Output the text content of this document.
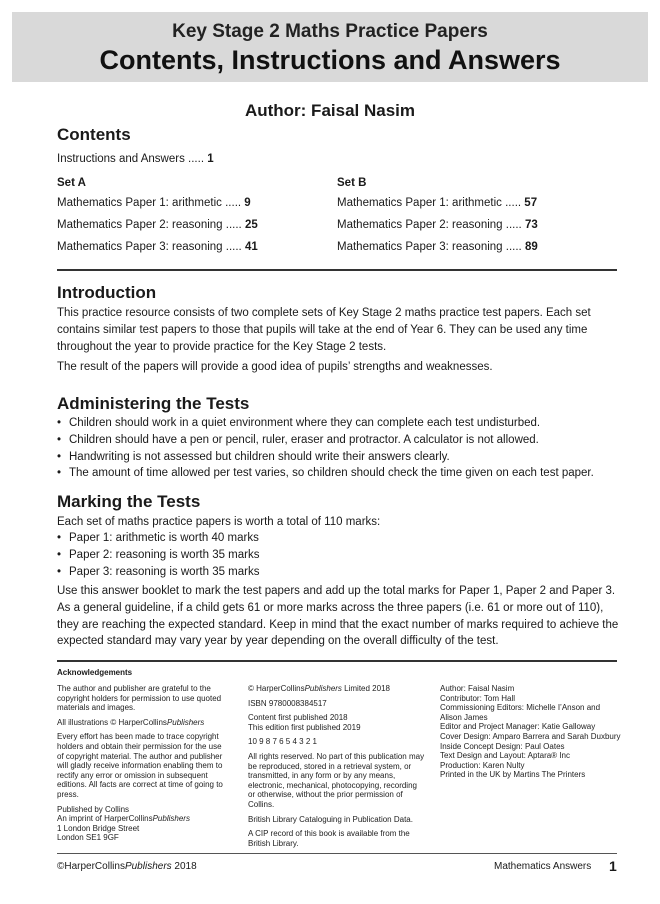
Key Stage 2 Maths Practice Papers
Contents, Instructions and Answers
Author: Faisal Nasim
Contents
Instructions and Answers ..... 1
Set A	Set B
Mathematics Paper 1: arithmetic ..... 9
Mathematics Paper 2: reasoning ..... 25
Mathematics Paper 3: reasoning ..... 41
Mathematics Paper 1: arithmetic ..... 57
Mathematics Paper 2: reasoning ..... 73
Mathematics Paper 3: reasoning ..... 89
Introduction
This practice resource consists of two complete sets of Key Stage 2 maths practice test papers. Each set contains similar test papers to those that pupils will take at the end of Year 6. They can be used any time throughout the year to provide practice for the Key Stage 2 tests.
The result of the papers will provide a good idea of pupils’ strengths and weaknesses.
Administering the Tests
• Children should work in a quiet environment where they can complete each test undisturbed.
• Children should have a pen or pencil, ruler, eraser and protractor. A calculator is not allowed.
• Handwriting is not assessed but children should write their answers clearly.
• The amount of time allowed per test varies, so children should check the time given on each test paper.
Marking the Tests
Each set of maths practice papers is worth a total of 110 marks:
• Paper 1: arithmetic is worth 40 marks
• Paper 2: reasoning is worth 35 marks
• Paper 3: reasoning is worth 35 marks
Use this answer booklet to mark the test papers and add up the total marks for Paper 1, Paper 2 and Paper 3. As a general guideline, if a child gets 61 or more marks across the three papers (i.e. 61 or more out of 110), they are reaching the expected standard. Keep in mind that the exact number of marks required to achieve the expected standard may vary year by year depending on the overall difficulty of the test.
Acknowledgements

The author and publisher are grateful to the copyright holders for permission to use quoted materials and images.

All illustrations © HarperCollinsPublishers

Every effort has been made to trace copyright holders and obtain their permission for the use of copyright material. The author and publisher will gladly receive information enabling them to rectify any error or omission in subsequent editions. All facts are correct at time of going to press.

Published by Collins
An imprint of HarperCollinsPublishers
1 London Bridge Street
London SE1 9GF

© HarperCollinsPublishers Limited 2018

ISBN 9780008384517

Content first published 2018
This edition first published 2019

10 9 8 7 6 5 4 3 2 1

All rights reserved. No part of this publication may be reproduced, stored in a retrieval system, or transmitted, in any form or by any means, electronic, mechanical, photocopying, recording or otherwise, without the prior permission of Collins.

British Library Cataloguing in Publication Data.

A CIP record of this book is available from the British Library.

Author: Faisal Nasim
Contributor: Tom Hall
Commissioning Editors: Michelle I’Anson and Alison James
Editor and Project Manager: Katie Galloway
Cover Design: Amparo Barrera and Sarah Duxbury
Inside Concept Design: Paul Oates
Text Design and Layout: Aptara® Inc
Production: Karen Nulty
Printed in the UK by Martins The Printers
©HarperCollinsPublishers 2018	Mathematics Answers 1
